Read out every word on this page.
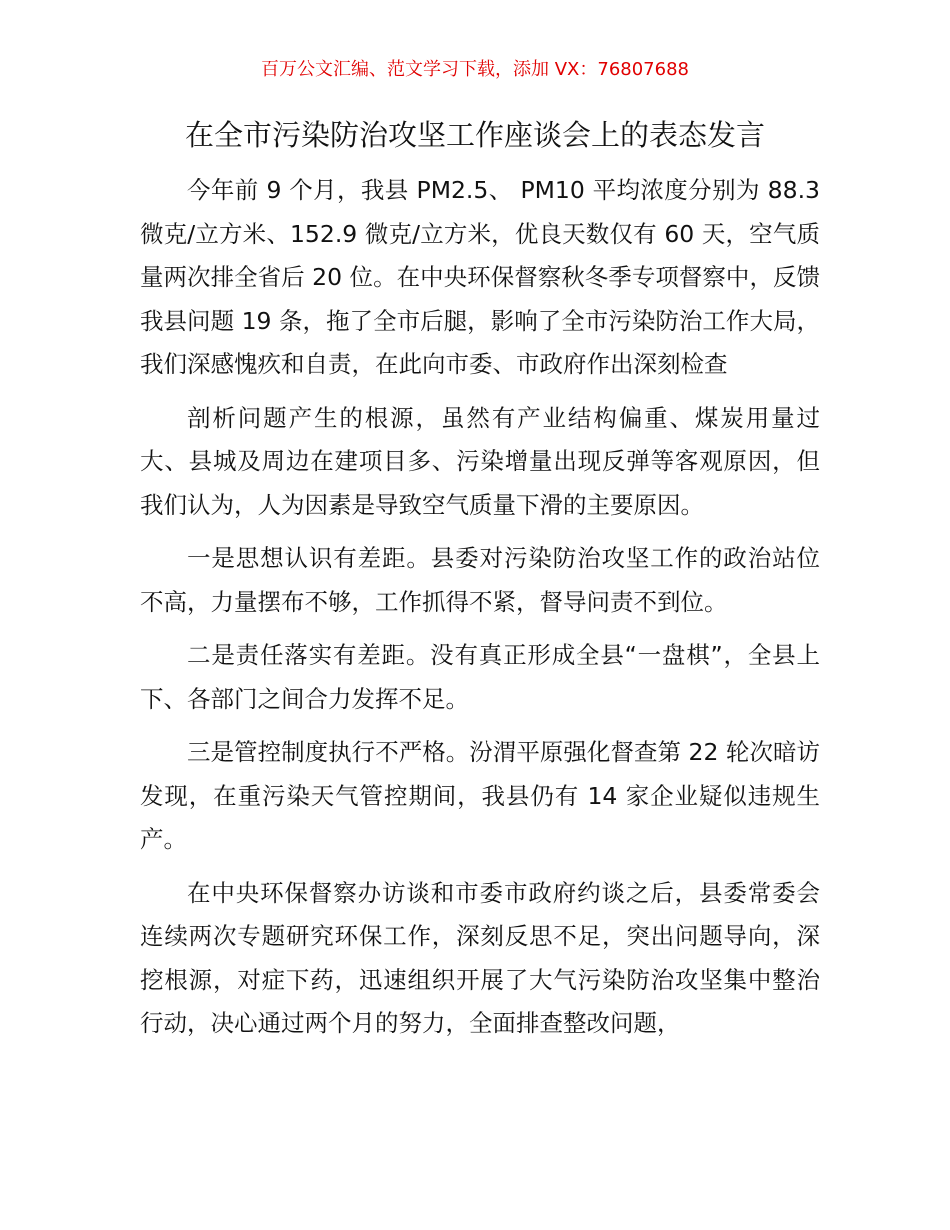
百万公文汇编、范文学习下载，添加 VX：76807688
在全市污染防治攻坚工作座谈会上的表态发言

今年前 9 个月，我县 PM2.5、 PM10 平均浓度分别为 88.3 微克/立方米、152.9 微克/立方米，优良天数仅有 60 天，空气质量两次排全省后 20 位。在中央环保督察秋冬季专项督察中，反馈我县问题 19 条，拖了全市后腿，影响了全市污染防治工作大局，我们深感愧疚和自责，在此向市委、市政府作出深刻检查

剖析问题产生的根源，虽然有产业结构偏重、煤炭用量过大、县城及周边在建项目多、污染增量出现反弹等客观原因，但我们认为，人为因素是导致空气质量下滑的主要原因。

一是思想认识有差距。县委对污染防治攻坚工作的政治站位不高，力量摆布不够，工作抓得不紧，督导问责不到位。

二是责任落实有差距。没有真正形成全县“一盘棋”，全县上下、各部门之间合力发挥不足。

三是管控制度执行不严格。汾渭平原强化督查第 22 轮次暗访发现，在重污染天气管控期间，我县仍有 14 家企业疑似违规生产。

在中央环保督察办访谈和市委市政府约谈之后，县委常委会连续两次专题研究环保工作，深刻反思不足，突出问题导向，深挖根源，对症下药，迅速组织开展了大气污染防治攻坚集中整治行动，决心通过两个月的努力，全面排查整改问题，
